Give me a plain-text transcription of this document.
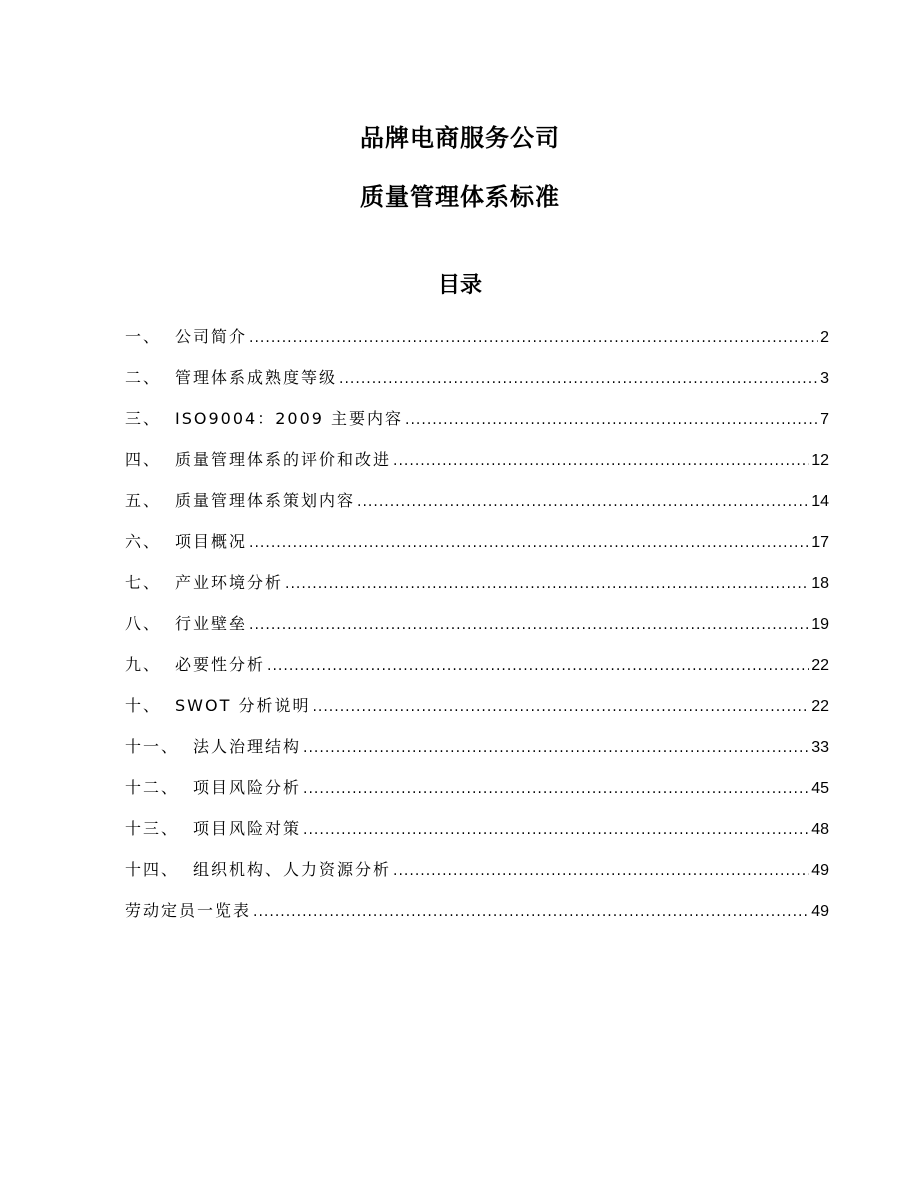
品牌电商服务公司
质量管理体系标准
目录
一、 公司简介 .....	2
二、 管理体系成熟度等级 .....	3
三、 ISO9004：2009 主要内容 .....	7
四、 质量管理体系的评价和改进 .....	12
五、 质量管理体系策划内容 .....	14
六、 项目概况 .....	17
七、 产业环境分析 .....	18
八、 行业壁垒 .....	19
九、 必要性分析 .....	22
十、 SWOT 分析说明 .....	22
十一、 法人治理结构 .....	33
十二、 项目风险分析 .....	45
十三、 项目风险对策 .....	48
十四、 组织机构、人力资源分析 .....	49
劳动定员一览表 .....	49
